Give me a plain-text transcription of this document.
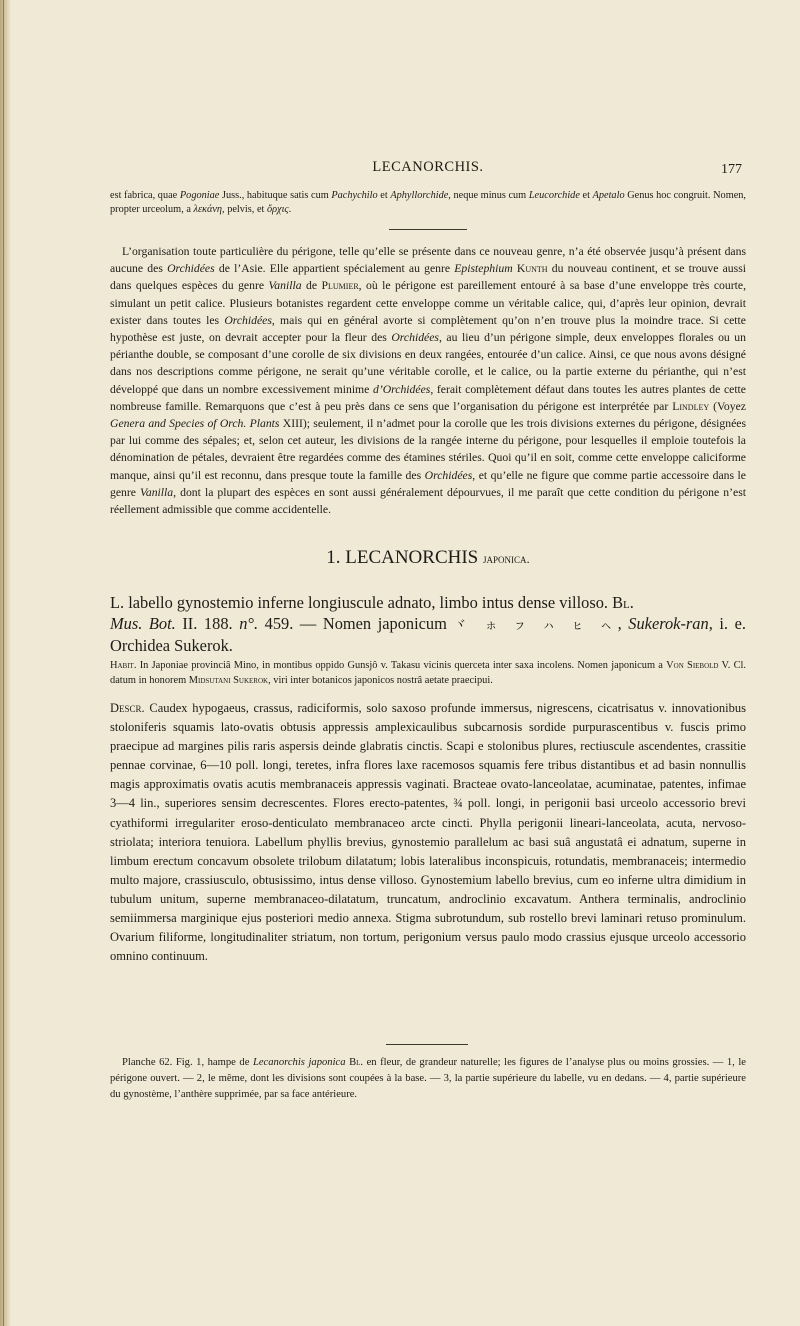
LECANORCHIS.	177
est fabrica, quae Pogoniae Juss., habituque satis cum Pachychilo et Aphyllorchide, neque minus cum Leucorchide et Apetalo Genus hoc congruit. Nomen, propter urceolum, a λεκάνη, pelvis, et ὄρχις.
L’organisation toute particulière du périgone, telle qu’elle se présente dans ce nouveau genre, n’a été observée jusqu’à présent dans aucune des Orchidées de l’Asie. Elle appartient spécialement au genre Epistephium Kunth du nouveau continent, et se trouve aussi dans quelques espèces du genre Vanilla de Plumier, où le périgone est pareillement entouré à sa base d’une enveloppe très courte, simulant un petit calice. Plusieurs botanistes regardent cette enveloppe comme un véritable calice, qui, d’après leur opinion, devrait exister dans toutes les Orchidées, mais qui en général avorte si complètement qu’on n’en trouve plus la moindre trace. Si cette hypothèse est juste, on devrait accepter pour la fleur des Orchidées, au lieu d’un périgone simple, deux enveloppes florales ou un périanthe double, se composant d’une corolle de six divisions en deux rangées, entourée d’un calice. Ainsi, ce que nous avons désigné dans nos descriptions comme périgone, ne serait qu’une véritable corolle, et le calice, ou la partie externe du périanthe, qui n’est développé que dans un nombre excessivement minime d’Orchidées, ferait complètement défaut dans toutes les autres plantes de cette nombreuse famille. Remarquons que c’est à peu près dans ce sens que l’organisation du périgone est interprétée par Lindley (Voyez Genera and Species of Orch. Plants XIII); seulement, il n’admet pour la corolle que les trois divisions externes du périgone, désignées par lui comme des sépales; et, selon cet auteur, les divisions de la rangée interne du périgone, pour lesquelles il emploie toutefois la dénomination de pétales, devraient être regardées comme des étamines stériles. Quoi qu’il en soit, comme cette enveloppe caliciforme manque, ainsi qu’il est reconnu, dans presque toute la famille des Orchidées, et qu’elle ne figure que comme partie accessoire dans le genre Vanilla, dont la plupart des espèces en sont aussi généralement dépourvues, il me paraît que cette condition du périgone n’est réellement admissible que comme accidentelle.
1. LECANORCHIS japonica.
L. labello gynostemio inferne longiuscule adnato, limbo intus dense villoso. Bl.
Mus. Bot. II. 188. n°. 459. — Nomen japonicum ヾ ㇹ ㇷ ㇵ ㇶ ㇸ, Sukerok-ran, i. e. Orchidea Sukerok.
Habit. In Japoniae provinciâ Mino, in montibus oppido Gunsjô v. Takasu vicinis querceta inter saxa incolens. Nomen japonicum a Von Siebold V. Cl. datum in honorem Midsutani Sukerok, viri inter botanicos japonicos nostrâ aetate praecipui.
Descr. Caudex hypogaeus, crassus, radiciformis, solo saxoso profunde immersus, nigrescens, cicatrisatus v. innovationibus stoloniferis squamis lato-ovatis obtusis appressis amplexicaulibus subcarnosis sordide purpurascentibus v. fuscis primo praecipue ad margines pilis raris aspersis deinde glabratis cinctis. Scapi e stolonibus plures, rectiuscule ascendentes, crassitie pennae corvinae, 6—10 poll. longi, teretes, infra flores laxe racemosos squamis fere tribus distantibus et ad basin nonnullis magis approximatis ovatis acutis membranaceis appressis vaginati. Bracteae ovato-lanceolatae, acuminatae, patentes, infimae 3—4 lin., superiores sensim decrescentes. Flores erecto-patentes, ¾ poll. longi, in perigonii basi urceolo accessorio brevi cyathiformi irregulariter eroso-denticulato membranaceo arcte cincti. Phylla perigonii lineari-lanceolata, acuta, nervoso-striolata; interiora tenuiora. Labellum phyllis brevius, gynostemio parallelum ac basi suâ angustatâ ei adnatum, superne in limbum erectum concavum obsolete trilobum dilatatum; lobis lateralibus inconspicuis, rotundatis, membranaceis; intermedio multo majore, crassiusculo, obtusissimo, intus dense villoso. Gynostemium labello brevius, cum eo inferne ultra dimidium in tubulum unitum, superne membranaceo-dilatatum, truncatum, androclinio excavatum. Anthera terminalis, androclinio semiimmersa marginique ejus posteriori medio annexa. Stigma subrotundum, sub rostello brevi laminari retuso prominulum. Ovarium filiforme, longitudinaliter striatum, non tortum, perigonium versus paulo modo crassius ejusque urceolo accessorio omnino continuum.
Planche 62. Fig. 1, hampe de Lecanorchis japonica Bl. en fleur, de grandeur naturelle; les figures de l’analyse plus ou moins grossies. — 1, le périgone ouvert. — 2, le même, dont les divisions sont coupées à la base. — 3, la partie supérieure du labelle, vu en dedans. — 4, partie supérieure du gynostème, l’anthère supprimée, par sa face antérieure.
